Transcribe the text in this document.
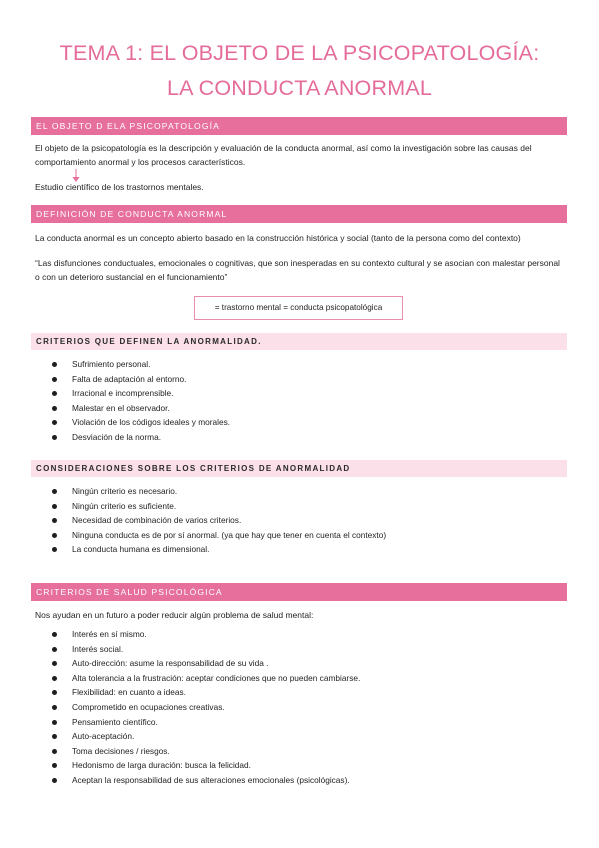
TEMA 1: EL OBJETO DE LA PSICOPATOLOGÍA:
LA CONDUCTA ANORMAL
EL OBJETO D ELA PSICOPATOLOGÍA

El objeto de la psicopatología es la descripción y evaluación de la conducta anormal, así como la investigación sobre las causas del comportamiento anormal y los procesos característicos.

Estudio científico de los trastornos mentales.

DEFINICIÓN DE CONDUCTA ANORMAL

La conducta anormal es un concepto abierto basado en la construcción histórica y social (tanto de la persona como del contexto)

“Las disfunciones conductuales, emocionales o cognitivas, que son inesperadas en su contexto cultural y se asocian con malestar personal o con un deterioro sustancial en el funcionamiento”

= trastorno mental = conducta psicopatológica
CRITERIOS QUE DEFINEN LA ANORMALIDAD.
Sufrimiento personal.
Falta de adaptación al entorno.
Irracional e incomprensible.
Malestar en el observador.
Violación de los códigos ideales y morales.
Desviación de la norma.
CONSIDERACIONES SOBRE LOS CRITERIOS DE ANORMALIDAD
Ningún criterio es necesario.
Ningún criterio es suficiente.
Necesidad de combinación de varios criterios.
Ninguna conducta es de por sí anormal. (ya que hay que tener en cuenta el contexto)
La conducta humana es dimensional.
CRITERIOS DE SALUD PSICOLÓGICA

Nos ayudan en un futuro a poder reducir algún problema de salud mental:

Interés en sí mismo.
Interés social.
Auto-dirección: asume la responsabilidad de su vida .
Alta tolerancia a la frustración: aceptar condiciones que no pueden cambiarse.
Flexibilidad: en cuanto a ideas.
Comprometido en ocupaciones creativas.
Pensamiento científico.
Auto-aceptación.
Toma decisiones / riesgos.
Hedonismo de larga duración: busca la felicidad.
Aceptan la responsabilidad de sus alteraciones emocionales (psicológicas).
